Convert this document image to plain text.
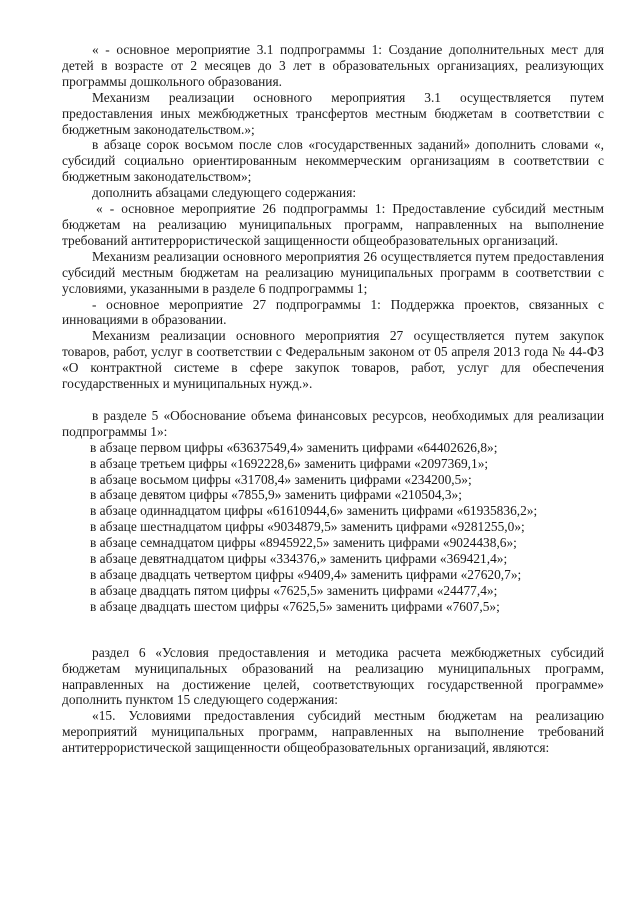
« - основное мероприятие 3.1 подпрограммы 1: Создание дополнительных мест для детей в возрасте от 2 месяцев до 3 лет в образовательных организациях, реализующих программы дошкольного образования.

Механизм реализации основного мероприятия 3.1 осуществляется путем предоставления иных межбюджетных трансфертов местным бюджетам в соответствии с бюджетным законодательством.»;

в абзаце сорок восьмом после слов «государственных заданий» дополнить словами «, субсидий социально ориентированным некоммерческим организациям в соответствии с бюджетным законодательством»;

дополнить абзацами следующего содержания:

« - основное мероприятие 26 подпрограммы 1: Предоставление субсидий местным бюджетам на реализацию муниципальных программ, направленных на выполнение требований антитеррористической защищенности общеобразовательных организаций.

Механизм реализации основного мероприятия 26 осуществляется путем предоставления субсидий местным бюджетам на реализацию муниципальных программ в соответствии с условиями, указанными в разделе 6 подпрограммы 1;

- основное мероприятие 27 подпрограммы 1: Поддержка проектов, связанных с инновациями в образовании.

Механизм реализации основного мероприятия 27 осуществляется путем закупок товаров, работ, услуг в соответствии с Федеральным законом от 05 апреля 2013 года № 44-ФЗ «О контрактной системе в сфере закупок товаров, работ, услуг для обеспечения государственных и муниципальных нужд.».

в разделе 5 «Обоснование объема финансовых ресурсов, необходимых для реализации подпрограммы 1»:

в абзаце первом цифры «63637549,4» заменить цифрами «64402626,8»;
в абзаце третьем цифры «1692228,6» заменить цифрами «2097369,1»;
в абзаце восьмом цифры «31708,4» заменить цифрами «234200,5»;
в абзаце девятом цифры «7855,9» заменить цифрами «210504,3»;
в абзаце одиннадцатом цифры «61610944,6» заменить цифрами «61935836,2»;
в абзаце шестнадцатом цифры «9034879,5» заменить цифрами «9281255,0»;
в абзаце семнадцатом цифры «8945922,5» заменить цифрами «9024438,6»;
в абзаце девятнадцатом цифры «334376,» заменить цифрами «369421,4»;
в абзаце двадцать четвертом цифры «9409,4» заменить цифрами «27620,7»;
в абзаце двадцать пятом цифры «7625,5» заменить цифрами «24477,4»;
в абзаце двадцать шестом цифры «7625,5» заменить цифрами «7607,5»;

раздел 6 «Условия предоставления и методика расчета межбюджетных субсидий бюджетам муниципальных образований на реализацию муниципальных программ, направленных на достижение целей, соответствующих государственной программе» дополнить пунктом 15 следующего содержания:

«15. Условиями предоставления субсидий местным бюджетам на реализацию мероприятий муниципальных программ, направленных на выполнение требований антитеррористической защищенности общеобразовательных организаций, являются:
